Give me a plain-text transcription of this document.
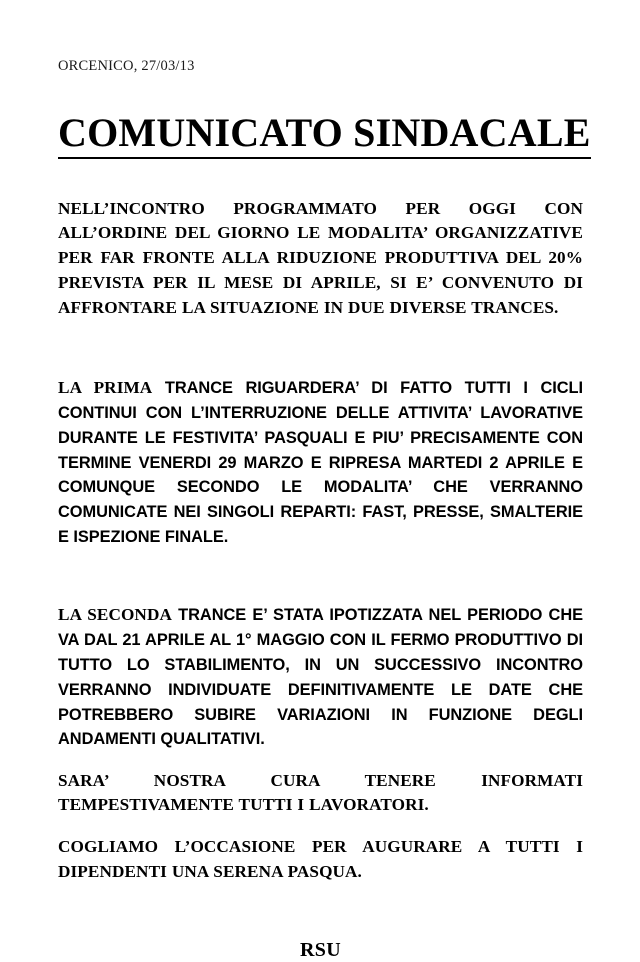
ORCENICO, 27/03/13
COMUNICATO SINDACALE

NELL’INCONTRO PROGRAMMATO PER OGGI CON ALL’ORDINE DEL GIORNO LE MODALITA’ ORGANIZZATIVE PER FAR FRONTE ALLA RIDUZIONE PRODUTTIVA DEL 20% PREVISTA PER IL MESE DI APRILE, SI E’ CONVENUTO DI AFFRONTARE LA SITUAZIONE IN DUE DIVERSE TRANCES.

LA PRIMA TRANCE RIGUARDERA’ DI FATTO TUTTI I CICLI CONTINUI CON L’INTERRUZIONE DELLE ATTIVITA’ LAVORATIVE DURANTE LE FESTIVITA’ PASQUALI E PIU’ PRECISAMENTE CON TERMINE VENERDI 29 MARZO E RIPRESA MARTEDI 2 APRILE E COMUNQUE SECONDO LE MODALITA’ CHE VERRANNO COMUNICATE NEI SINGOLI REPARTI: FAST, PRESSE, SMALTERIE E ISPEZIONE FINALE.

LA SECONDA TRANCE E’ STATA IPOTIZZATA NEL PERIODO CHE VA DAL 21 APRILE AL 1° MAGGIO CON IL FERMO PRODUTTIVO DI TUTTO LO STABILIMENTO, IN UN SUCCESSIVO INCONTRO VERRANNO INDIVIDUATE DEFINITIVAMENTE LE DATE CHE POTREBBERO SUBIRE VARIAZIONI IN FUNZIONE DEGLI ANDAMENTI QUALITATIVI.

SARA’ NOSTRA CURA TENERE INFORMATI TEMPESTIVAMENTE TUTTI I LAVORATORI.

COGLIAMO L’OCCASIONE PER AUGURARE A TUTTI I DIPENDENTI UNA SERENA PASQUA.

RSU
